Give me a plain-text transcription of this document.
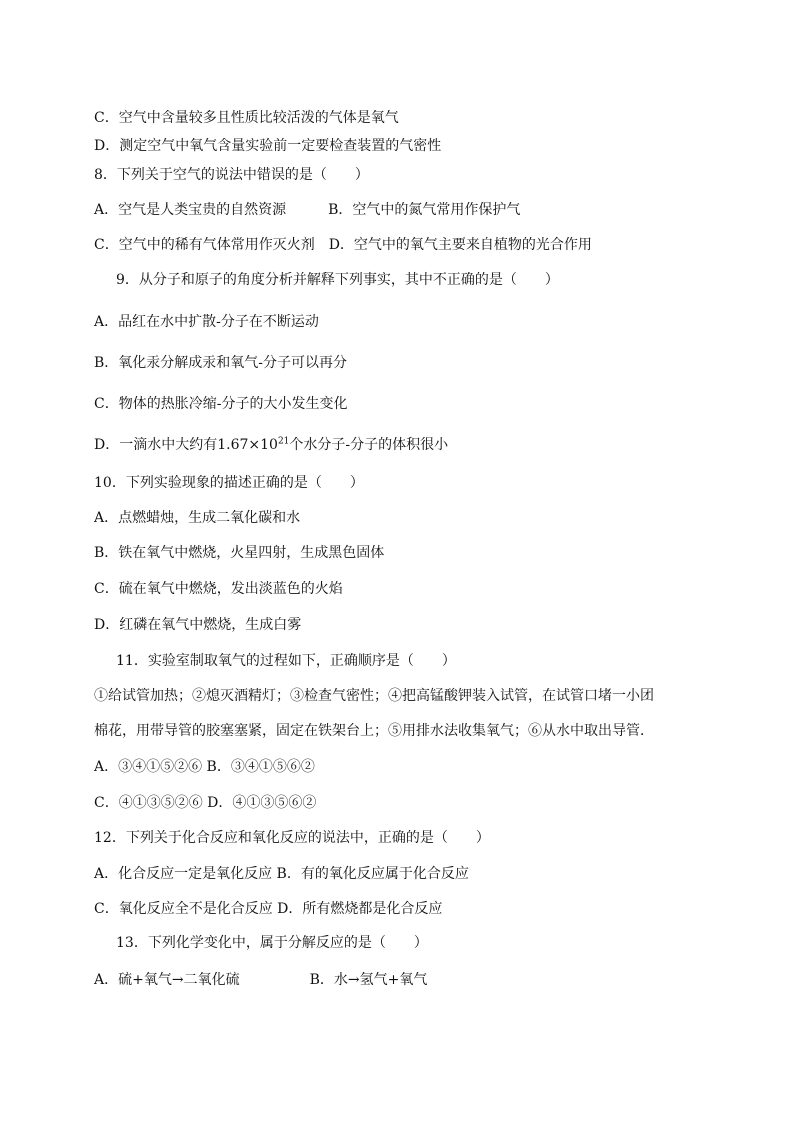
C．空气中含量较多且性质比较活泼的气体是氧气
D．测定空气中氧气含量实验前一定要检查装置的气密性
8．下列关于空气的说法中错误的是（　　）
A．空气是人类宝贵的自然资源　　　B．空气中的氮气常用作保护气
C．空气中的稀有气体常用作灭火剂　D．空气中的氧气主要来自植物的光合作用
9．从分子和原子的角度分析并解释下列事实，其中不正确的是（　　）
A．品红在水中扩散-分子在不断运动
B．氧化汞分解成汞和氧气-分子可以再分
C．物体的热胀冷缩-分子的大小发生变化
D．一滴水中大约有$1.67\times 10^{21}$个水分子-分子的体积很小
10．下列实验现象的描述正确的是（　　）
A．点燃蜡烛，生成二氧化碳和水
B．铁在氧气中燃烧，火星四射，生成黑色固体
C．硫在氧气中燃烧，发出淡蓝色的火焰
D．红磷在氧气中燃烧，生成白雾
11．实验室制取氧气的过程如下，正确顺序是（　　）
①给试管加热；②熄灭酒精灯；③检查气密性；④把高锰酸钾装入试管，在试管口堵一小团
棉花，用带导管的胶塞塞紧，固定在铁架台上；⑤用排水法收集氧气；⑥从水中取出导管．
A．③④①⑤②⑥ B．③④①⑤⑥②
C．④①③⑤②⑥ D．④①③⑤⑥②
12．下列关于化合反应和氧化反应的说法中，正确的是（　　）
A．化合反应一定是氧化反应 B．有的氧化反应属于化合反应
C．氧化反应全不是化合反应 D．所有燃烧都是化合反应
13．下列化学变化中，属于分解反应的是（　　）
A．硫+氧气→二氧化硫　　　　　B．水→氢气+氧气
